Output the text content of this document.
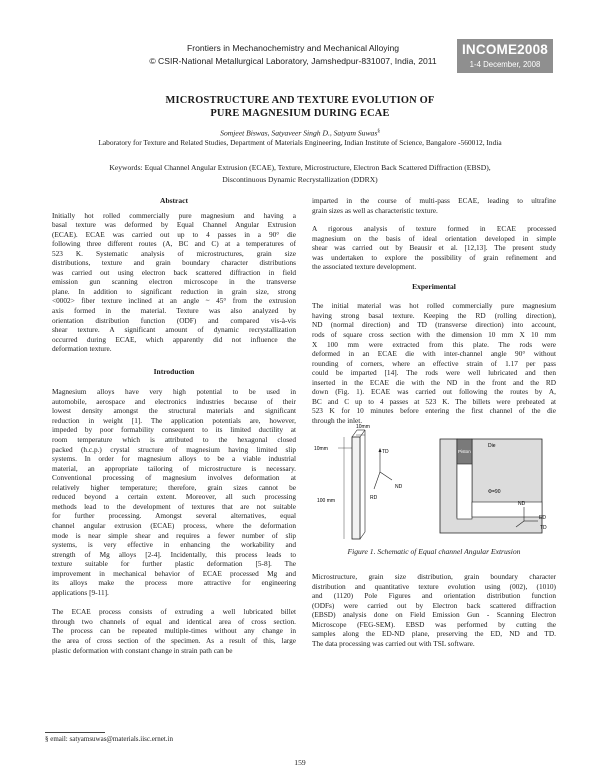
Frontiers in Mechanochemistry and Mechanical Alloying
© CSIR-National Metallurgical Laboratory, Jamshedpur-831007, India, 2011
INCOME2008
1-4 December, 2008
MICROSTRUCTURE AND TEXTURE EVOLUTION OF
PURE MAGNESIUM DURING ECAE
Somjeet Biswas, Satyaveer Singh D., Satyam Suwas§
Laboratory for Texture and Related Studies, Department of Materials Engineering, Indian Institute of Science, Bangalore -560012, India
Keywords: Equal Channel Angular Extrusion (ECAE), Texture, Microstructure, Electron Back Scattered Diffraction (EBSD),
Discontinuous Dynamic Recrystallization (DDRX)
Abstract
Initially hot rolled commercially pure magnesium and having a
basal texture was deformed by Equal Channel Angular Extrusion
(ECAE). ECAE was carried out up to 4 passes in a 90° die
following three different routes (A, BC and C) at a temperatures of
523 K. Systematic analysis of microstructures, grain size
distributions, texture and grain boundary character distributions
was carried out using electron back scattered diffraction in field
emission gun scanning electron microscope in the transverse
plane. In addition to significant reduction in grain size, strong
<0002> fiber texture inclined at an angle ~ 45° from the extrusion
axis formed in the material. Texture was also analyzed by
orientation distribution function (ODF) and compared vis-à-vis
shear texture. A significant amount of dynamic recrystallization
occurred during ECAE, which apparently did not influence the
deformation texture.
Introduction
Magnesium alloys have very high potential to be used in
automobile, aerospace and electronics industries because of their
lowest density amongst the structural materials and significant
reduction in weight [1]. The application potentials are, however,
impeded by poor formability consequent to its limited ductility at
room temperature which is attributed to the hexagonal closed
packed (h.c.p.) crystal structure of magnesium having limited slip
systems. In order for magnesium alloys to be a viable industrial
material, an appropriate tailoring of microstructure is necessary.
Conventional processing of magnesium involves deformation at
relatively higher temperature; therefore, grain sizes cannot be
reduced beyond a certain extent. Moreover, all such processing
methods lead to the development of textures that are not suitable
for further processing. Amongst several alternatives, equal
channel angular extrusion (ECAE) process, where the deformation
mode is near simple shear and requires a fewer number of slip
systems, is very effective in enhancing the workability and
strength of Mg alloys [2-4]. Incidentally, this process leads to
texture suitable for further plastic deformation [5-8]. The
improvement in mechanical behavior of ECAE processed Mg and
its alloys make the process more attractive for engineering
applications [9-11].
The ECAE process consists of extruding a well lubricated billet
through two channels of equal and identical area of cross section.
The process can be repeated multiple-times without any change in
the area of cross section of the specimen. As a result of this, large
plastic deformation with constant change in strain path can be
imparted in the course of multi-pass ECAE, leading to ultrafine
grain sizes as well as characteristic texture.
A rigorous analysis of texture formed in ECAE processed
magnesium on the basis of ideal orientation developed in simple
shear was carried out by Beausir et al. [12,13]. The present study
was undertaken to explore the possibility of grain refinement and
the associated texture development.
Experimental
The initial material was hot rolled commercially pure magnesium
having strong basal texture. Keeping the RD (rolling direction),
ND (normal direction) and TD (transverse direction) into account,
rods of square cross section with the dimension 10 mm X 10 mm
X 100 mm were extracted from this plate. The rods were
deformed in an ECAE die with inter-channel angle 90° without
rounding of corners, where an effective strain of 1.17 per pass
could be imparted [14]. The rods were well lubricated and then
inserted in the ECAE die with the ND in the front and the RD
down (Fig. 1). ECAE was carried out following the routes by A,
BC and C up to 4 passes at 523 K. The billets were preheated at
523 K for 10 minutes before entering the first channel of the die
through the inlet.
10mm
10mm
100 mm
TD
ND
RD
Piston
Die
Φ=90
ND
ED
TD
Figure 1. Schematic of Equal channel Angular Extrusion
Microstructure, grain size distribution, grain boundary character
distribution and quantitative texture evolution using (002), (1010)
and (1120) Pole Figures and orientation distribution function
(ODFs) were carried out by Electron back scattered diffraction
(EBSD) analysis done on Field Emission Gun - Scanning Electron
Microscope (FEG-SEM). EBSD was performed by cutting the
samples along the ED-ND plane, preserving the ED, ND and TD.
The data processing was carried out with TSL software.
§ email: satyamsuwas@materials.iisc.ernet.in
159
